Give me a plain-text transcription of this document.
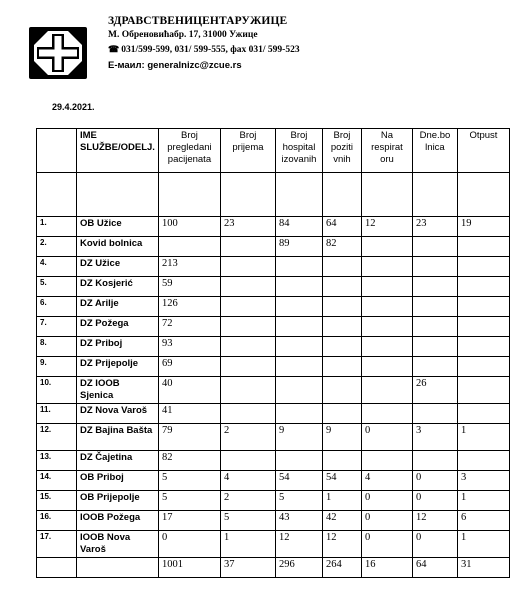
ЗДРАВСТВЕНИЦЕНТАРУЖИЦЕ
М. Обреновићабр. 17, 31000 Ужице
☎ 031/599-599, 031/ 599-555, фах 031/ 599-523
E-маил: generalnizc@zcue.rs
29.4.2021.
	IME SLUŽBE/ODELJ.	Broj pregledani pacijenata	Broj prijema	Broj hospital izovanih	Broj poziti vnih	Na respirat oru	Dne.bo lnica	Otpust

1.	OB Užice	100	23	84	64	12	23	19
2.	Kovid bolnica			89	82			
4.	DZ Užice	213						
5.	DZ Kosjerić	59						
6.	DZ Arilje	126						
7.	DZ Požega	72						
8.	DZ Priboj	93						
9.	DZ Prijepolje	69						
10.	DZ IOOB Sjenica	40					26	
11.	DZ Nova Varoš	41						
12.	DZ Bajina Bašta	79	2	9	9	0	3	1
13.	DZ Čajetina	82						
14.	OB Priboj	5	4	54	54	4	0	3
15.	OB Prijepolje	5	2	5	1	0	0	1
16.	IOOB Požega	17	5	43	42	0	12	6
17.	IOOB Nova Varoš	0	1	12	12	0	0	1
		1001	37	296	264	16	64	31
